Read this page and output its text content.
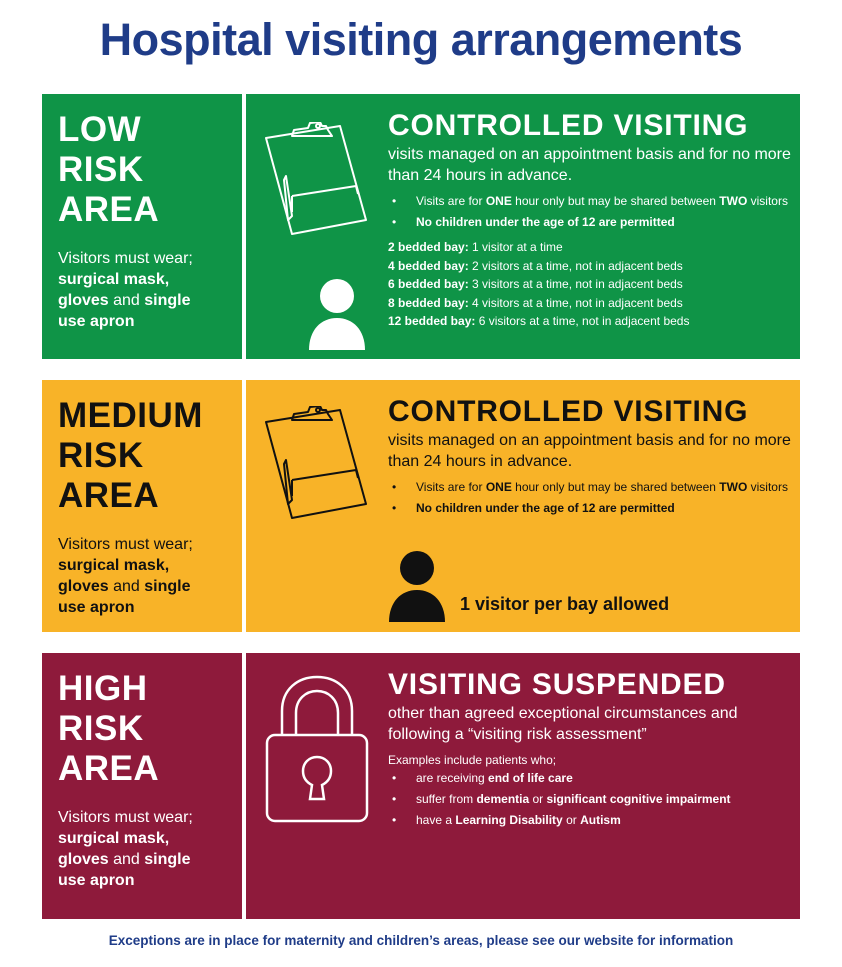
Hospital visiting arrangements
LOW
RISK
AREA
Visitors must wear;
surgical mask,
gloves and single
use apron
CONTROLLED VISITING
visits managed on an appointment basis and for no more than 24 hours in advance.
• Visits are for ONE hour only but may be shared between TWO visitors
• No children under the age of 12 are permitted
2 bedded bay: 1 visitor at a time
4 bedded bay: 2 visitors at a time, not in adjacent beds
6 bedded bay: 3 visitors at a time, not in adjacent beds
8 bedded bay: 4 visitors at a time, not in adjacent beds
12 bedded bay: 6 visitors at a time, not in adjacent beds
MEDIUM
RISK
AREA
Visitors must wear;
surgical mask,
gloves and single
use apron
CONTROLLED VISITING
visits managed on an appointment basis and for no more than 24 hours in advance.
• Visits are for ONE hour only but may be shared between TWO visitors
• No children under the age of 12 are permitted
1 visitor per bay allowed
HIGH
RISK
AREA
Visitors must wear;
surgical mask,
gloves and single
use apron
VISITING SUSPENDED
other than agreed exceptional circumstances and following a “visiting risk assessment”
Examples include patients who;
• are receiving end of life care
• suffer from dementia or significant cognitive impairment
• have a Learning Disability or Autism
Exceptions are in place for maternity and children’s areas, please see our website for information
